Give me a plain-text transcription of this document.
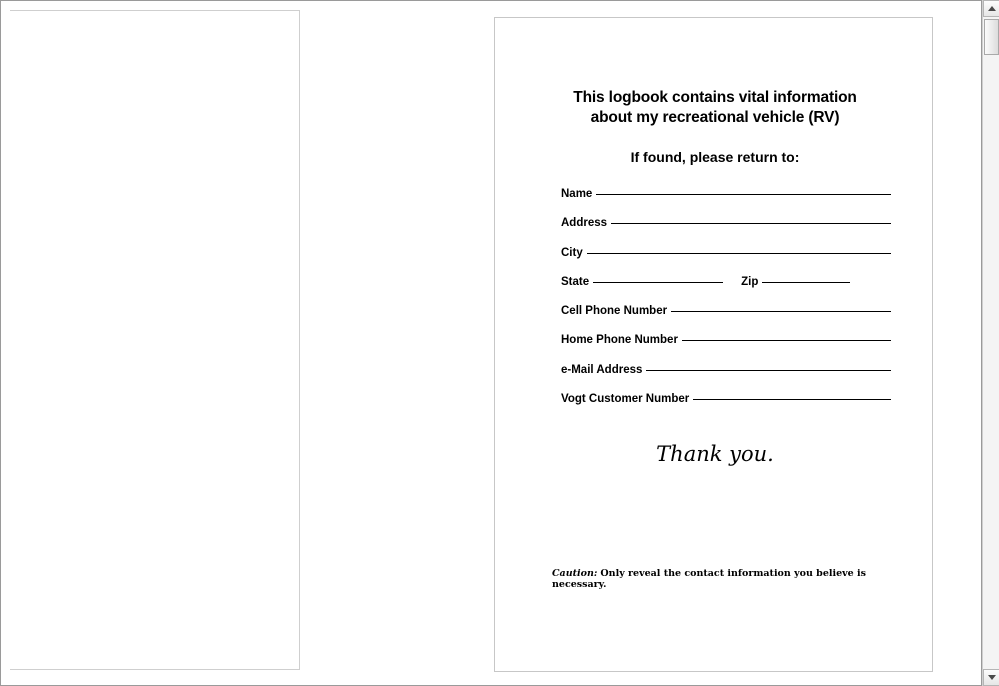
This logbook contains vital information
about my recreational vehicle (RV)
If found, please return to:
Name
Address
City
State	Zip
Cell Phone Number
Home Phone Number
e-Mail Address
Vogt Customer Number
Thank you.
Caution: Only reveal the contact information you believe is necessary.
